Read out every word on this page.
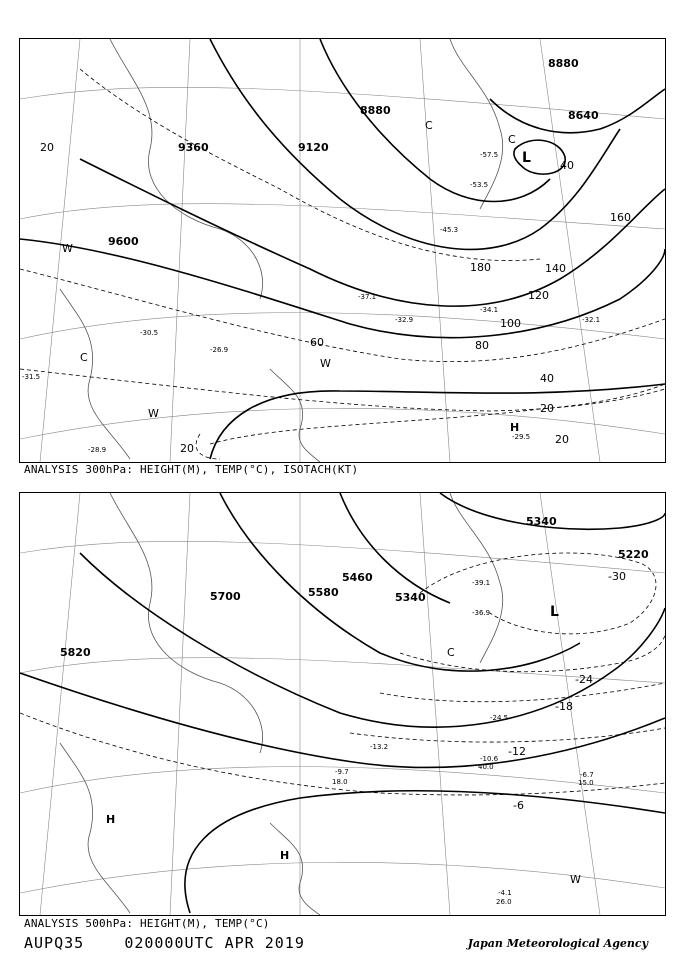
9360	9120
8880
8880
8640
9600
20
40
60	80
100
120
140
160
180
20
40
20
20
L
C
C
C
W
W
W
H
-29.5
-30.5
-31.5
-32.1
-32.9
-34.1
-37.1
-45.3
-53.5
-57.5
-28.9
-26.9
ANALYSIS 300hPa: HEIGHT(M), TEMP(°C), ISOTACH(KT)
5700	5580
5460
5340
5220
5820
5340
-30
-24
-18
-12
-6
L
C
H
H
W
-4.1
26.0
-6.7
15.0
-10.6
40.0
-13.2
-9.7
18.0
-39.1
-36.9
-24.5
ANALYSIS 500hPa: HEIGHT(M), TEMP(°C)
AUPQ35	020000UTC APR 2019	Japan Meteorological Agency
